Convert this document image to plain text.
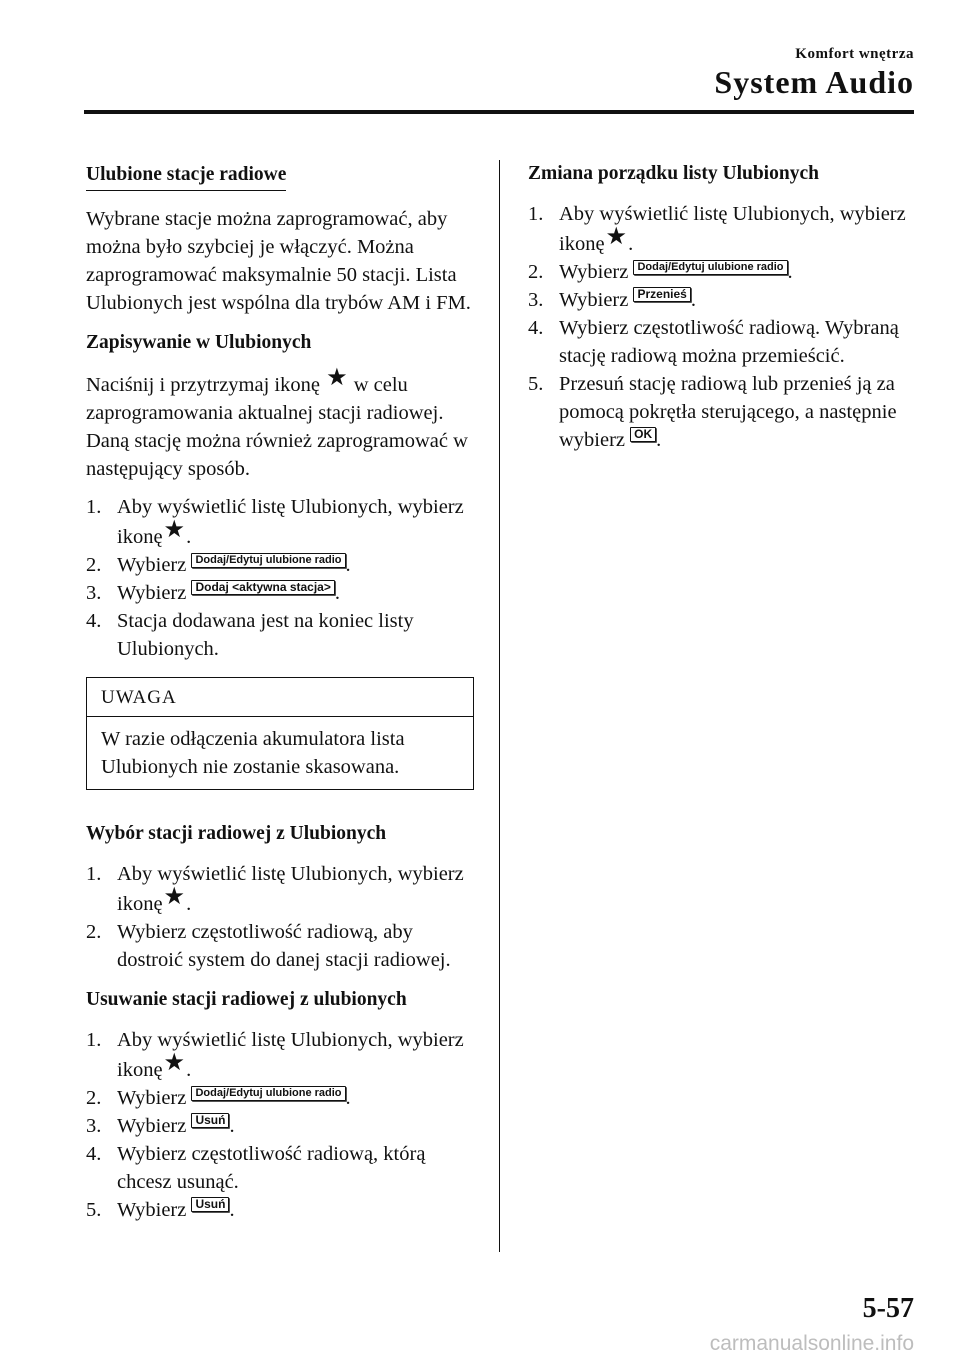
Komfort wnętrza
System Audio
Ulubione stacje radiowe

Wybrane stacje można zaprogramować, aby można było szybciej je włączyć. Można zaprogramować maksymalnie 50 stacji. Lista Ulubionych jest wspólna dla trybów AM i FM.

Zapisywanie w Ulubionych

Naciśnij i przytrzymaj ikonę ★ w celu zaprogramowania aktualnej stacji radiowej. Daną stację można również zaprogramować w następujący sposób.

1. Aby wyświetlić listę Ulubionych, wybierz ikonę★.
2. Wybierz Dodaj/Edytuj ulubione radio .
3. Wybierz Dodaj <aktywna stacja> .
4. Stacja dodawana jest na koniec listy Ulubionych.
UWAGA
W razie odłączenia akumulatora lista Ulubionych nie zostanie skasowana.
Wybór stacji radiowej z Ulubionych
1. Aby wyświetlić listę Ulubionych, wybierz ikonę★.
2. Wybierz częstotliwość radiową, aby dostroić system do danej stacji radiowej.
Usuwanie stacji radiowej z ulubionych
1. Aby wyświetlić listę Ulubionych, wybierz ikonę★.
2. Wybierz Dodaj/Edytuj ulubione radio .
3. Wybierz Usuń .
4. Wybierz częstotliwość radiową, którą chcesz usunąć.
5. Wybierz Usuń .
Zmiana porządku listy Ulubionych
1. Aby wyświetlić listę Ulubionych, wybierz ikonę★.
2. Wybierz Dodaj/Edytuj ulubione radio .
3. Wybierz Przenieś .
4. Wybierz częstotliwość radiową. Wybraną stację radiową można przemieścić.
5. Przesuń stację radiową lub przenieś ją za pomocą pokrętła sterującego, a następnie wybierz OK .
5-57
carmanualsonline.info
